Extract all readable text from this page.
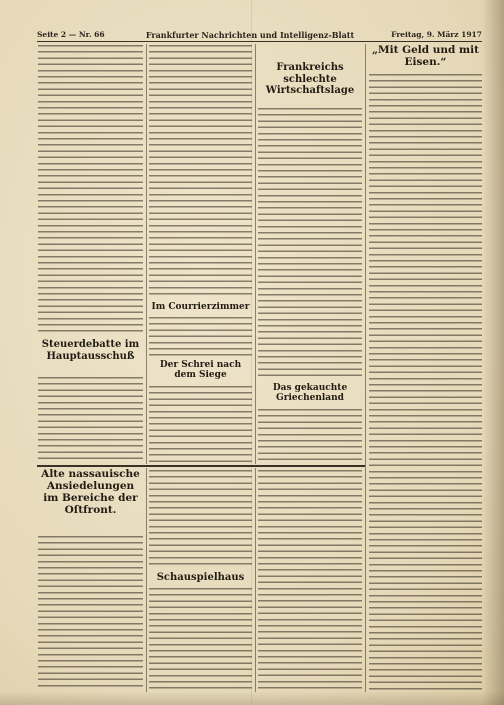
Seite 2 — Nr. 66	Frankfurter Nachrichten und Intelligenz-Blatt	Freitag, 9. März 1917
Steuerdebatte im Hauptausschuß
Im Courrierzimmer
Der Schrei nach dem Siege
Frankreichs schlechte Wirtschaftslage
Das gekauchte Griechenland
„Mit Geld und mit Eisen.“
Alte nassauische Ansiedelungen im Bereiche der Oſtfront.
Schauspielhaus
